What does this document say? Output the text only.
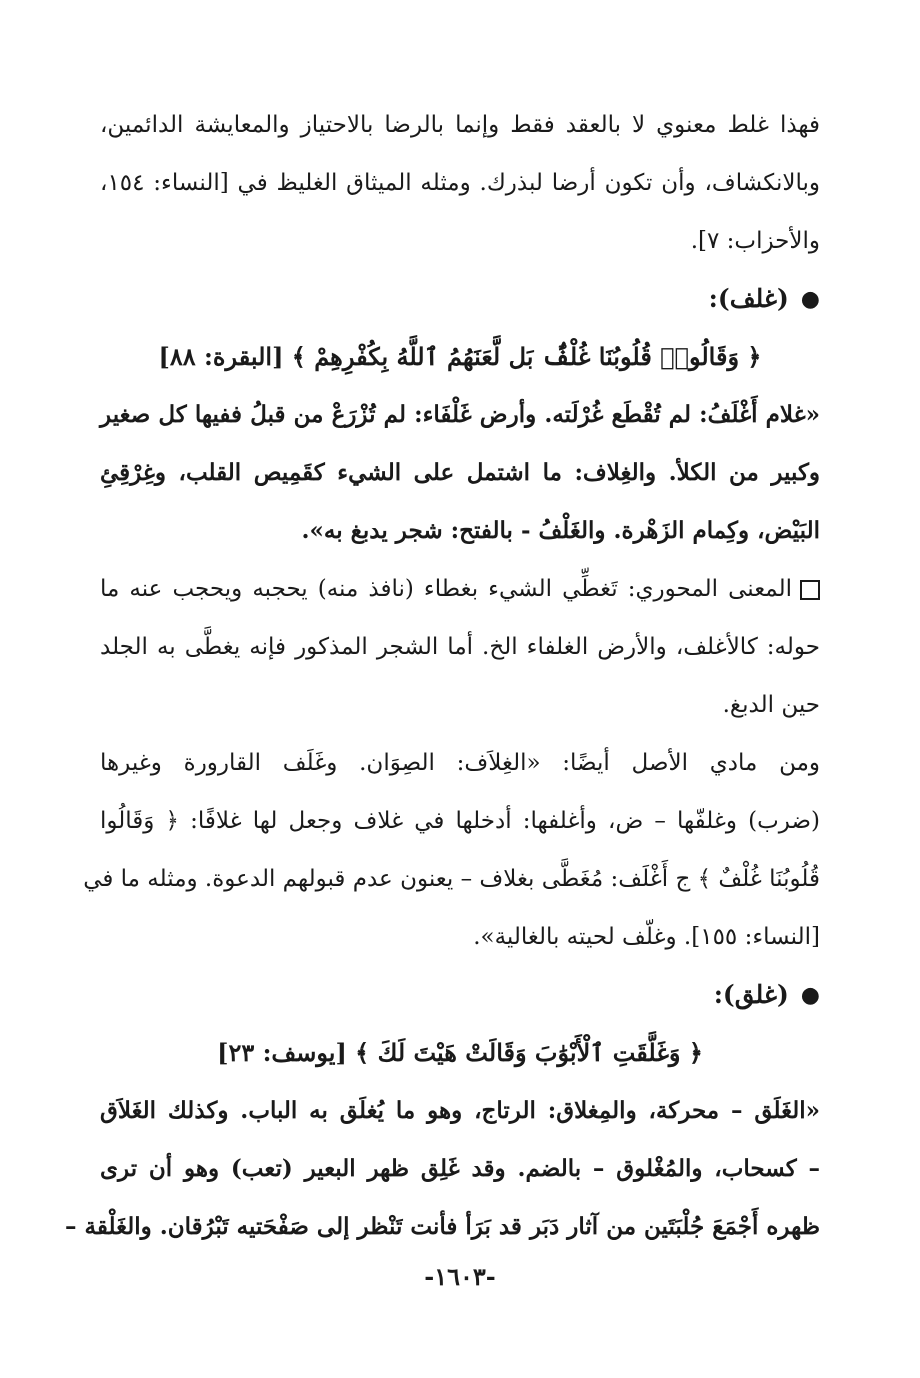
فهذا غلط معنوي لا بالعقد فقط وإنما بالرضا بالاحتياز والمعايشة الدائمين،
وبالانكشاف، وأن تكون أرضا لبذرك. ومثله الميثاق الغليظ في [النساء: ١٥٤،
والأحزاب: ٧].
●
(غلف):
﴿ وَقَالُوا۟ قُلُوبُنَا غُلْفٌۢ بَل لَّعَنَهُمُ ٱللَّهُ بِكُفْرِهِمْ ﴾ [البقرة: ٨٨]
«غلام أَغْلَفُ: لم تُقْطَع غُرْلَته. وأرض غَلْفَاء: لم تُزْرَعْ من قبلُ ففيها كل صغير
وكبير من الكلأ. والغِلاف: ما اشتمل على الشيء كقَمِيص القلب، وغِرْقِئِ
البَيْض، وكِمام الزَهْرة. والغَلْفُ - بالفتح: شجر يدبغ به».
المعنى المحوري: تَغطِّي الشيء بغطاء (نافذ منه) يحجبه ويحجب عنه ما
حوله: كالأغلف، والأرض الغلفاء الخ. أما الشجر المذكور فإنه يغطَّى به الجلد
حين الدبغ.
ومن مادي الأصل أيضًا: «الغِلاَف: الصِوَان. وغَلَف القارورة وغيرها
(ضرب) وغلفّها – ض، وأغلفها: أدخلها في غلاف وجعل لها غلافًا: ﴿ وَقَالُوا
قُلُوبُنَا غُلْفٌ ﴾ ج أَغْلَف: مُغَطَّى بغلاف – يعنون عدم قبولهم الدعوة. ومثله ما في
[النساء: ١٥٥]. وغلّف لحيته بالغالية».
●
(غلق):
﴿ وَغَلَّقَتِ ٱلْأَبْوَٰبَ وَقَالَتْ هَيْتَ لَكَ ﴾ [يوسف: ٢٣]
«الغَلَق – محركة، والمِغلاق: الرتاج، وهو ما يُغلَق به الباب. وكذلك الغَلاَق
– كسحاب، والمُغْلوق – بالضم. وقد غَلِق ظهر البعير (تعب) وهو أن ترى
ظهره أَجْمَعَ جُلْبَتَين من آثار دَبَر قد بَرَأ فأنت تَنْظر إلى صَفْحَتيه تَبْرُقان. والغَلْقة –
-١٦٠٣-
